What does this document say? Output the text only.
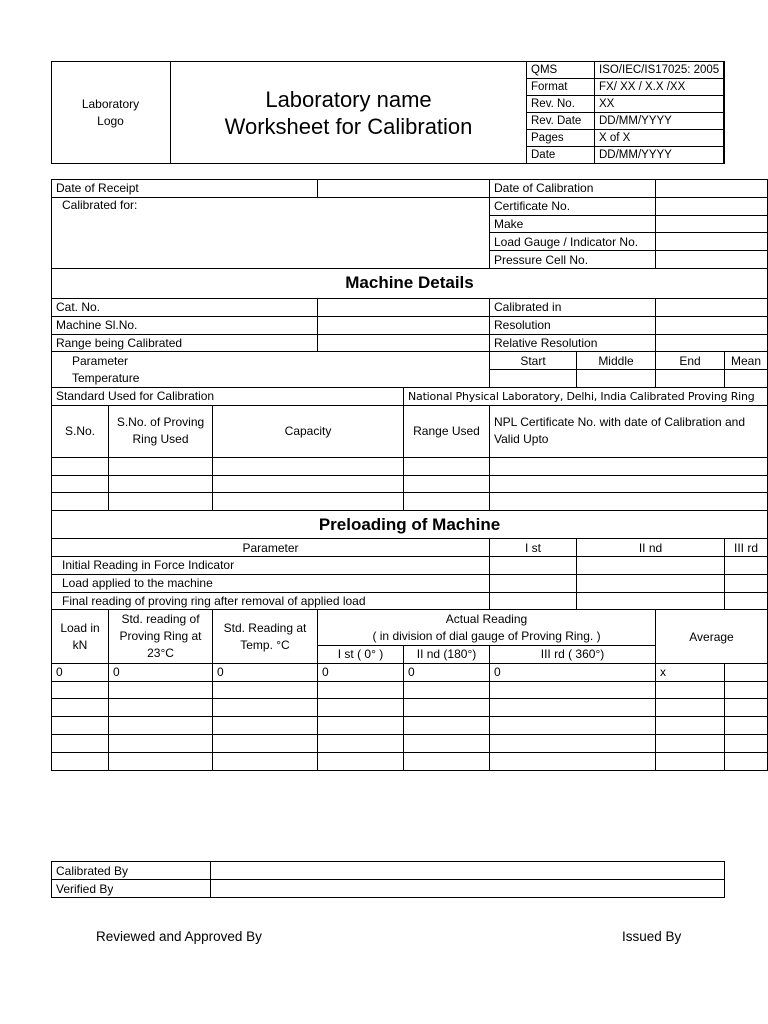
Laboratory
Logo
Laboratory name
Worksheet for Calibration
QMS	ISO/IEC/IS17025: 2005
Format	FX/ XX / X.X /XX
Rev. No.	XX
Rev. Date	DD/MM/YYYY
Pages	X of X
Date	DD/MM/YYYY
Date of Receipt					Date of Calibration			
Calibrated for:					Certificate No.			
					Make			
					Load Gauge / Indicator No.			
					Pressure Cell No.			
Machine Details								
Cat. No.					Calibrated in			
Machine Sl.No.					Resolution			
Range being Calibrated					Relative Resolution			
Parameter					Start	Middle	End	Mean
Temperature								
Standard Used for Calibration				National Physical Laboratory, Delhi, India Calibrated Proving Ring				
S.No.	S.No. of Proving Ring Used	Capacity		Range Used	NPL Certificate No. with date of Calibration and Valid Upto			

Preloading of Machine								
Parameter					I st	II nd		III rd
Initial Reading in Force Indicator								
Load applied to the machine								
Final reading of proving ring after removal of applied load								
Load in kN	Std. reading of Proving Ring at 23°C	Std. Reading at Temp. °C	Actual Reading				Average	
			( in division of dial gauge of Proving Ring. )					
			I st ( 0° )	II nd (180°)	III rd ( 360°)			
0	0	0	0	0	0		x	

Calibrated By	
Verified By	
Reviewed and Approved By	Issued By
